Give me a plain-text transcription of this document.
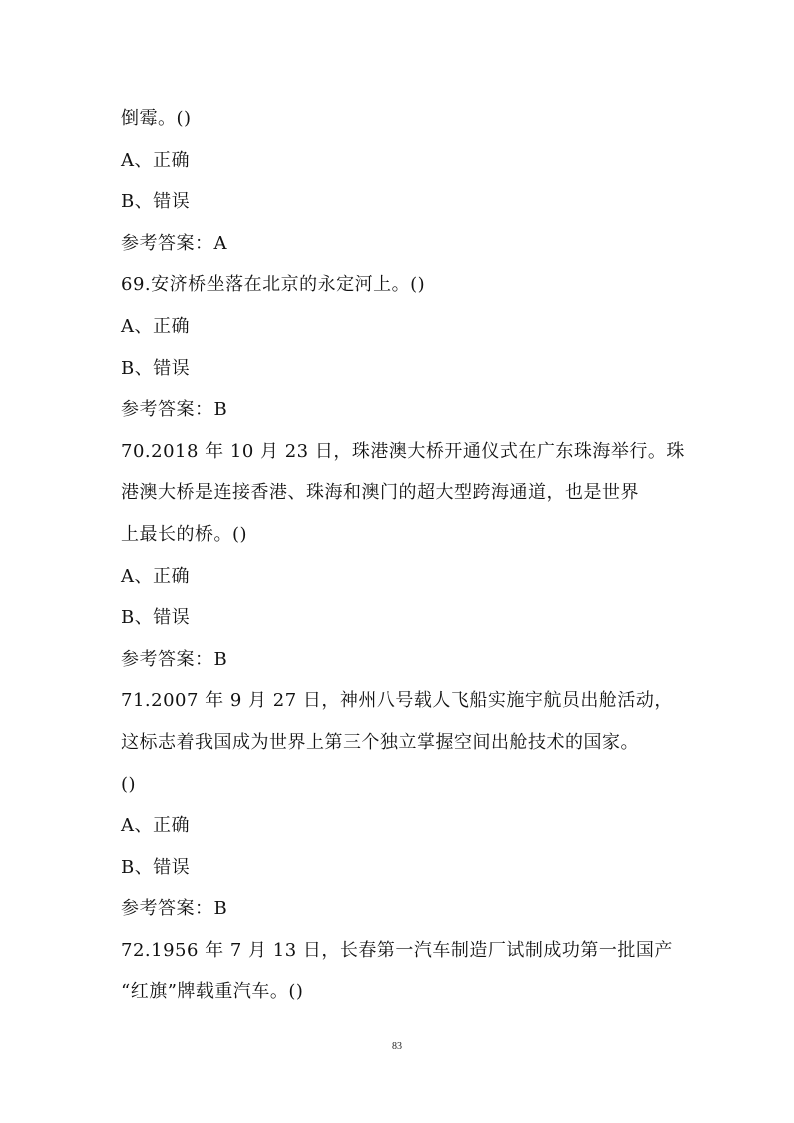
倒霉。()
A、正确
B、错误
参考答案：A
69.安济桥坐落在北京的永定河上。()
A、正确
B、错误
参考答案：B
70.2018 年 10 月 23 日，珠港澳大桥开通仪式在广东珠海举行。珠
港澳大桥是连接香港、珠海和澳门的超大型跨海通道，也是世界
上最长的桥。()
A、正确
B、错误
参考答案：B
71.2007 年 9 月 27 日，神州八号载人飞船实施宇航员出舱活动，
这标志着我国成为世界上第三个独立掌握空间出舱技术的国家。
()
A、正确
B、错误
参考答案：B
72.1956 年 7 月 13 日，长春第一汽车制造厂试制成功第一批国产
“红旗”牌载重汽车。()
83
